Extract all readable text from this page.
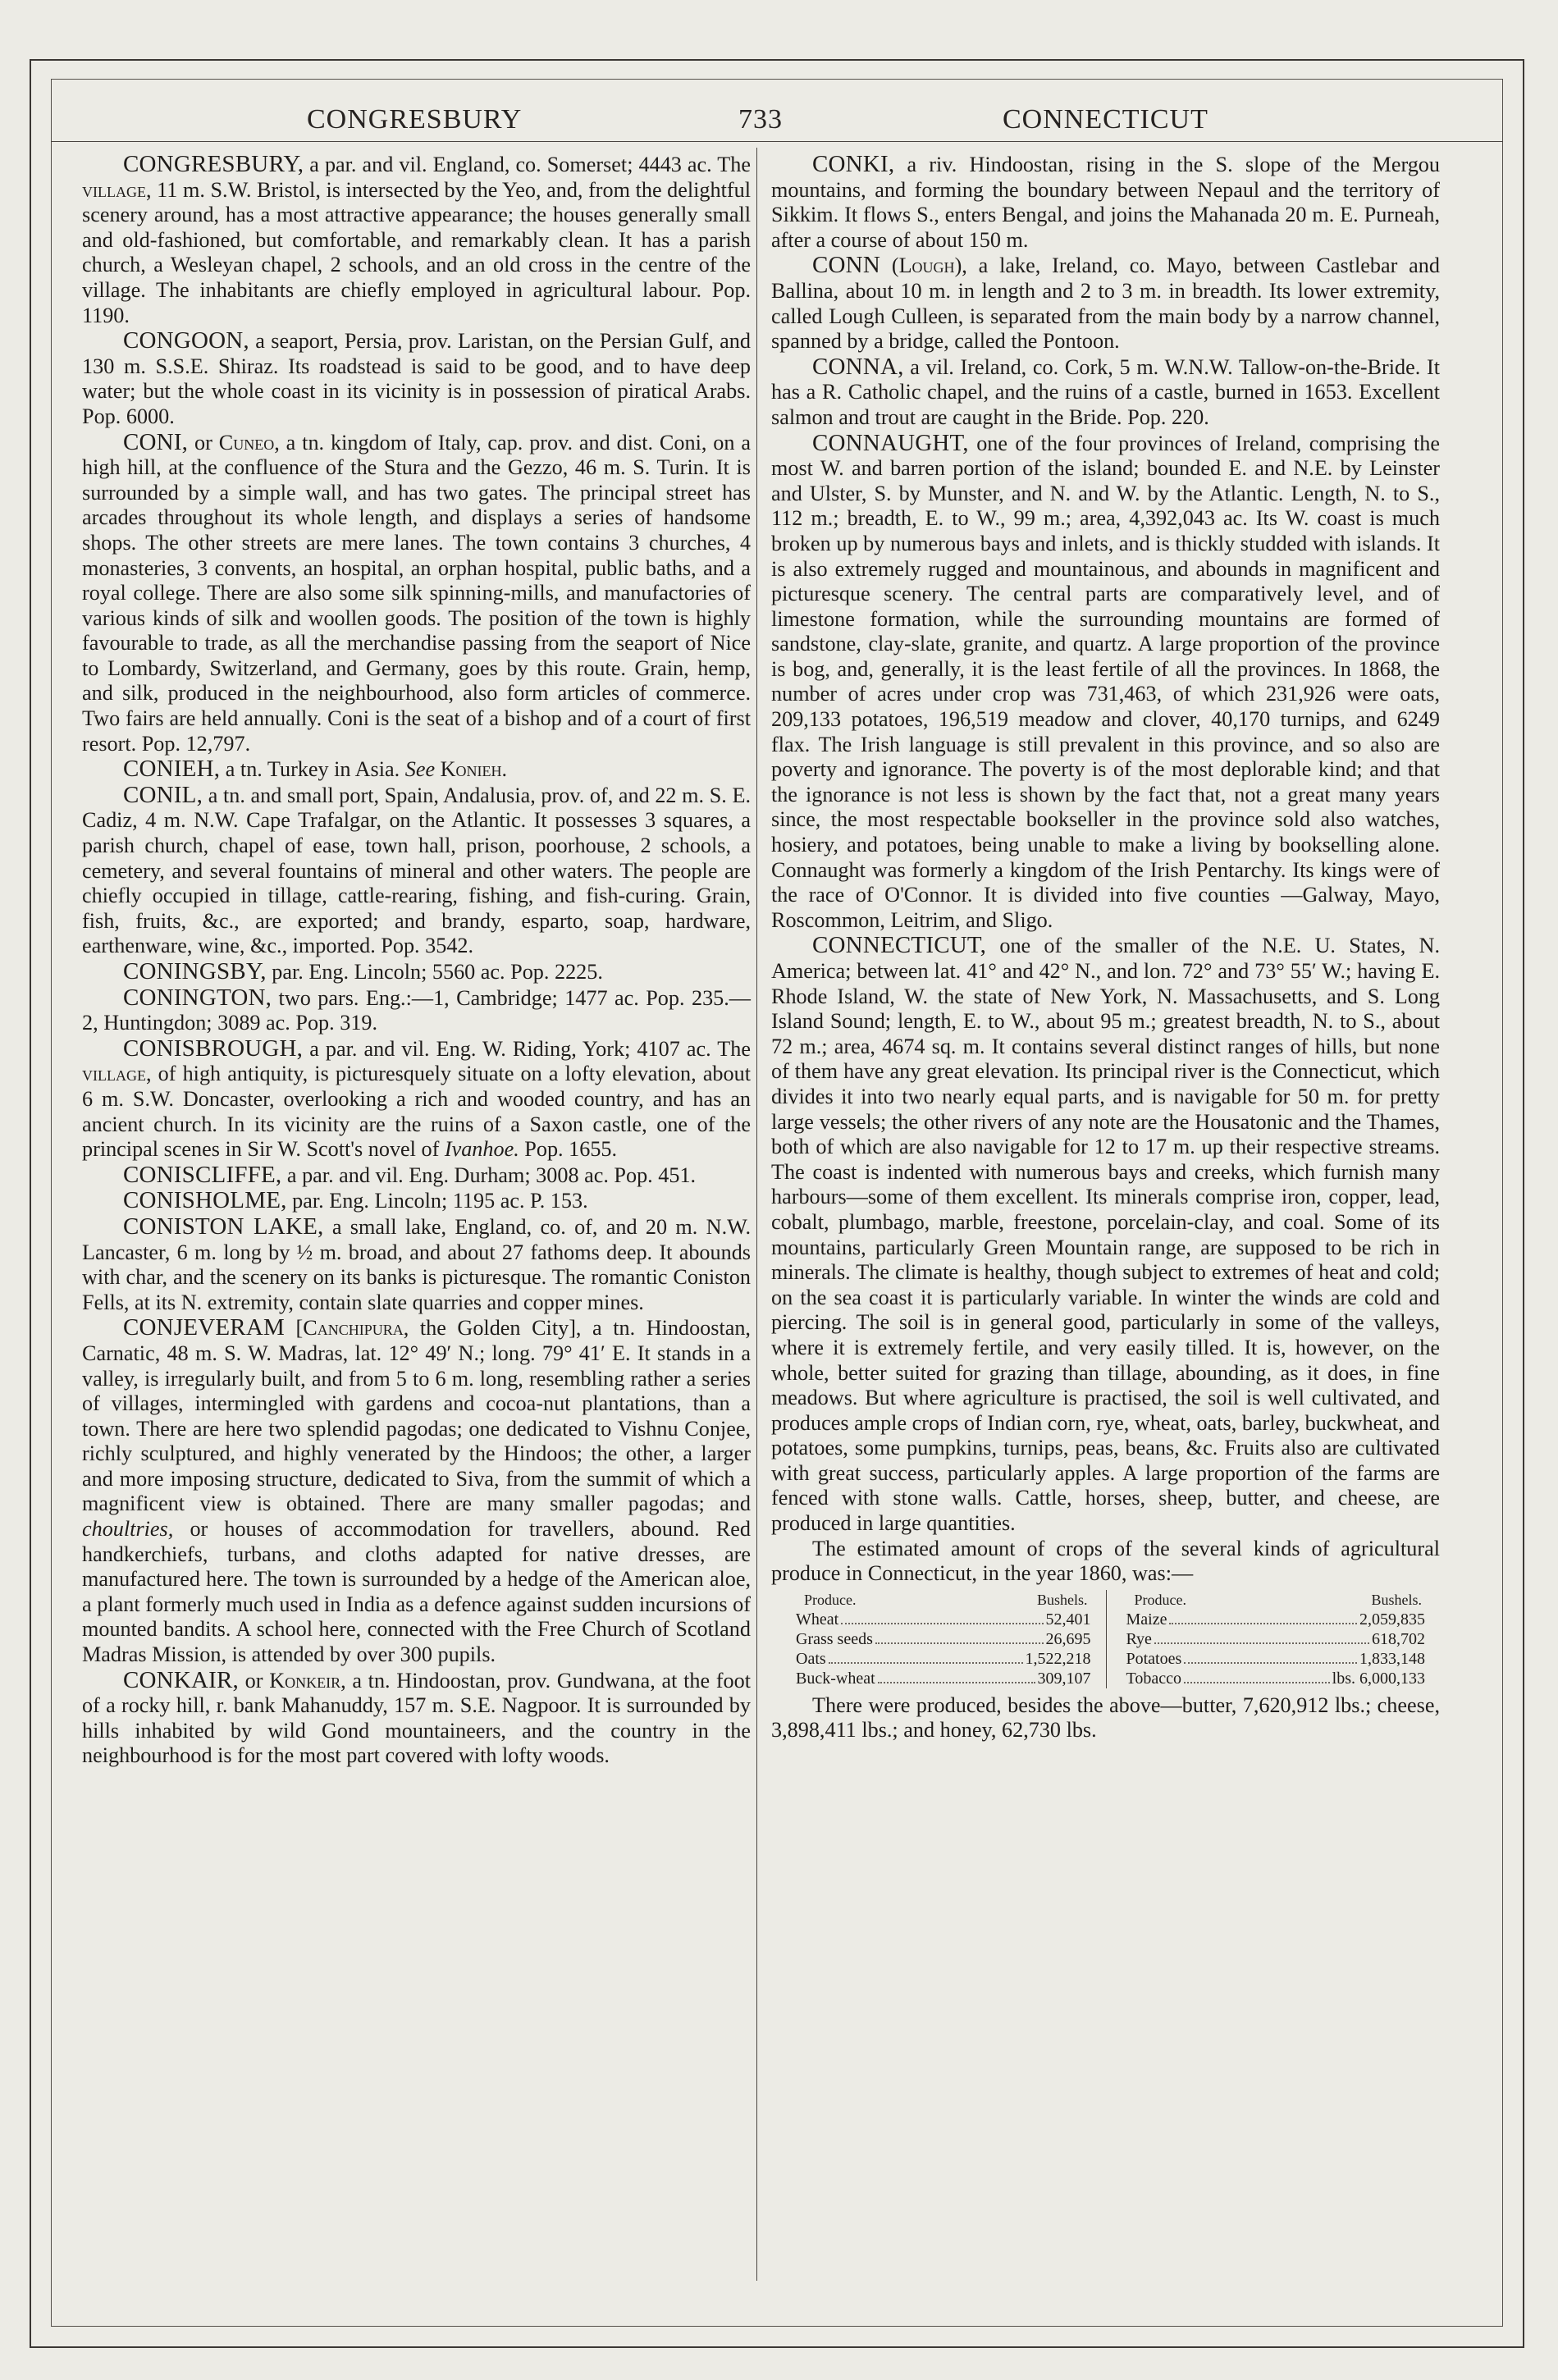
CONGRESBURY	733	CONNECTICUT

CONGRESBURY, a par. and vil. England, co. Somerset; 4443 ac. The village, 11 m. S.W. Bristol, is intersected by the Yeo, and, from the delightful scenery around, has a most attractive appearance; the houses generally small and old-fashioned, but comfortable, and remarkably clean. It has a parish church, a Wesleyan chapel, 2 schools, and an old cross in the centre of the village. The inhabitants are chiefly employed in agricultural labour. Pop. 1190.

CONGOON, a seaport, Persia, prov. Laristan, on the Persian Gulf, and 130 m. S.S.E. Shiraz. Its roadstead is said to be good, and to have deep water; but the whole coast in its vicinity is in possession of piratical Arabs. Pop. 6000.

CONI, or Cuneo, a tn. kingdom of Italy, cap. prov. and dist. Coni, on a high hill, at the confluence of the Stura and the Gezzo, 46 m. S. Turin. It is surrounded by a simple wall, and has two gates. The principal street has arcades throughout its whole length, and displays a series of handsome shops. The other streets are mere lanes. The town contains 3 churches, 4 monasteries, 3 convents, an hospital, an orphan hospital, public baths, and a royal college. There are also some silk spinning-mills, and manufactories of various kinds of silk and woollen goods. The position of the town is highly favourable to trade, as all the merchandise passing from the seaport of Nice to Lombardy, Switzerland, and Germany, goes by this route. Grain, hemp, and silk, produced in the neighbourhood, also form articles of commerce. Two fairs are held annually. Coni is the seat of a bishop and of a court of first resort. Pop. 12,797.

CONIEH, a tn. Turkey in Asia. See Konieh.

CONIL, a tn. and small port, Spain, Andalusia, prov. of, and 22 m. S. E. Cadiz, 4 m. N.W. Cape Trafalgar, on the Atlantic. It possesses 3 squares, a parish church, chapel of ease, town hall, prison, poorhouse, 2 schools, a cemetery, and several fountains of mineral and other waters. The people are chiefly occupied in tillage, cattle-rearing, fishing, and fish-curing. Grain, fish, fruits, &c., are exported; and brandy, esparto, soap, hardware, earthenware, wine, &c., imported. Pop. 3542.

CONINGSBY, par. Eng. Lincoln; 5560 ac. Pop. 2225.

CONINGTON, two pars. Eng.:—1, Cambridge; 1477 ac. Pop. 235.—2, Huntingdon; 3089 ac. Pop. 319.

CONISBROUGH, a par. and vil. Eng. W. Riding, York; 4107 ac. The village, of high antiquity, is picturesquely situate on a lofty elevation, about 6 m. S.W. Doncaster, overlooking a rich and wooded country, and has an ancient church. In its vicinity are the ruins of a Saxon castle, one of the principal scenes in Sir W. Scott's novel of Ivanhoe. Pop. 1655.

CONISCLIFFE, a par. and vil. Eng. Durham; 3008 ac. Pop. 451.

CONISHOLME, par. Eng. Lincoln; 1195 ac. P. 153.

CONISTON LAKE, a small lake, England, co. of, and 20 m. N.W. Lancaster, 6 m. long by ½ m. broad, and about 27 fathoms deep. It abounds with char, and the scenery on its banks is picturesque. The romantic Coniston Fells, at its N. extremity, contain slate quarries and copper mines.

CONJEVERAM [Canchipura, the Golden City], a tn. Hindoostan, Carnatic, 48 m. S. W. Madras, lat. 12° 49′ N.; long. 79° 41′ E. It stands in a valley, is irregularly built, and from 5 to 6 m. long, resembling rather a series of villages, intermingled with gardens and cocoa-nut plantations, than a town. There are here two splendid pagodas; one dedicated to Vishnu Conjee, richly sculptured, and highly venerated by the Hindoos; the other, a larger and more imposing structure, dedicated to Siva, from the summit of which a magnificent view is obtained. There are many smaller pagodas; and choultries, or houses of accommodation for travellers, abound. Red handkerchiefs, turbans, and cloths adapted for native dresses, are manufactured here. The town is surrounded by a hedge of the American aloe, a plant formerly much used in India as a defence against sudden incursions of mounted bandits. A school here, connected with the Free Church of Scotland Madras Mission, is attended by over 300 pupils.

CONKAIR, or Konkeir, a tn. Hindoostan, prov. Gundwana, at the foot of a rocky hill, r. bank Mahanuddy, 157 m. S.E. Nagpoor. It is surrounded by hills inhabited by wild Gond mountaineers, and the country in the neighbourhood is for the most part covered with lofty woods.

CONKI, a riv. Hindoostan, rising in the S. slope of the Mergou mountains, and forming the boundary between Nepaul and the territory of Sikkim. It flows S., enters Bengal, and joins the Mahanada 20 m. E. Purneah, after a course of about 150 m.

CONN (Lough), a lake, Ireland, co. Mayo, between Castlebar and Ballina, about 10 m. in length and 2 to 3 m. in breadth. Its lower extremity, called Lough Culleen, is separated from the main body by a narrow channel, spanned by a bridge, called the Pontoon.

CONNA, a vil. Ireland, co. Cork, 5 m. W.N.W. Tallow-on-the-Bride. It has a R. Catholic chapel, and the ruins of a castle, burned in 1653. Excellent salmon and trout are caught in the Bride. Pop. 220.

CONNAUGHT, one of the four provinces of Ireland, comprising the most W. and barren portion of the island; bounded E. and N.E. by Leinster and Ulster, S. by Munster, and N. and W. by the Atlantic. Length, N. to S., 112 m.; breadth, E. to W., 99 m.; area, 4,392,043 ac. Its W. coast is much broken up by numerous bays and inlets, and is thickly studded with islands. It is also extremely rugged and mountainous, and abounds in magnificent and picturesque scenery. The central parts are comparatively level, and of limestone formation, while the surrounding mountains are formed of sandstone, clay-slate, granite, and quartz. A large proportion of the province is bog, and, generally, it is the least fertile of all the provinces. In 1868, the number of acres under crop was 731,463, of which 231,926 were oats, 209,133 potatoes, 196,519 meadow and clover, 40,170 turnips, and 6249 flax. The Irish language is still prevalent in this province, and so also are poverty and ignorance. The poverty is of the most deplorable kind; and that the ignorance is not less is shown by the fact that, not a great many years since, the most respectable bookseller in the province sold also watches, hosiery, and potatoes, being unable to make a living by bookselling alone. Connaught was formerly a kingdom of the Irish Pentarchy. Its kings were of the race of O'Connor. It is divided into five counties —Galway, Mayo, Roscommon, Leitrim, and Sligo.

CONNECTICUT, one of the smaller of the N.E. U. States, N. America; between lat. 41° and 42° N., and lon. 72° and 73° 55′ W.; having E. Rhode Island, W. the state of New York, N. Massachusetts, and S. Long Island Sound; length, E. to W., about 95 m.; greatest breadth, N. to S., about 72 m.; area, 4674 sq. m. It contains several distinct ranges of hills, but none of them have any great elevation. Its principal river is the Connecticut, which divides it into two nearly equal parts, and is navigable for 50 m. for pretty large vessels; the other rivers of any note are the Housatonic and the Thames, both of which are also navigable for 12 to 17 m. up their respective streams. The coast is indented with numerous bays and creeks, which furnish many harbours—some of them excellent. Its minerals comprise iron, copper, lead, cobalt, plumbago, marble, freestone, porcelain-clay, and coal. Some of its mountains, particularly Green Mountain range, are supposed to be rich in minerals. The climate is healthy, though subject to extremes of heat and cold; on the sea coast it is particularly variable. In winter the winds are cold and piercing. The soil is in general good, particularly in some of the valleys, where it is extremely fertile, and very easily tilled. It is, however, on the whole, better suited for grazing than tillage, abounding, as it does, in fine meadows. But where agriculture is practised, the soil is well cultivated, and produces ample crops of Indian corn, rye, wheat, oats, barley, buckwheat, and potatoes, some pumpkins, turnips, peas, beans, &c. Fruits also are cultivated with great success, particularly apples. A large proportion of the farms are fenced with stone walls. Cattle, horses, sheep, butter, and cheese, are produced in large quantities.

The estimated amount of crops of the several kinds of agricultural produce in Connecticut, in the year 1860, was:—

Produce.	Bushels.
Wheat	52,401
Grass seeds	26,695
Oats	1,522,218
Buck-wheat	309,107
Produce.	Bushels.
Maize	2,059,835
Rye	618,702
Potatoes	1,833,148
Tobacco	lbs. 6,000,133

There were produced, besides the above—butter, 7,620,912 lbs.; cheese, 3,898,411 lbs.; and honey, 62,730 lbs.
